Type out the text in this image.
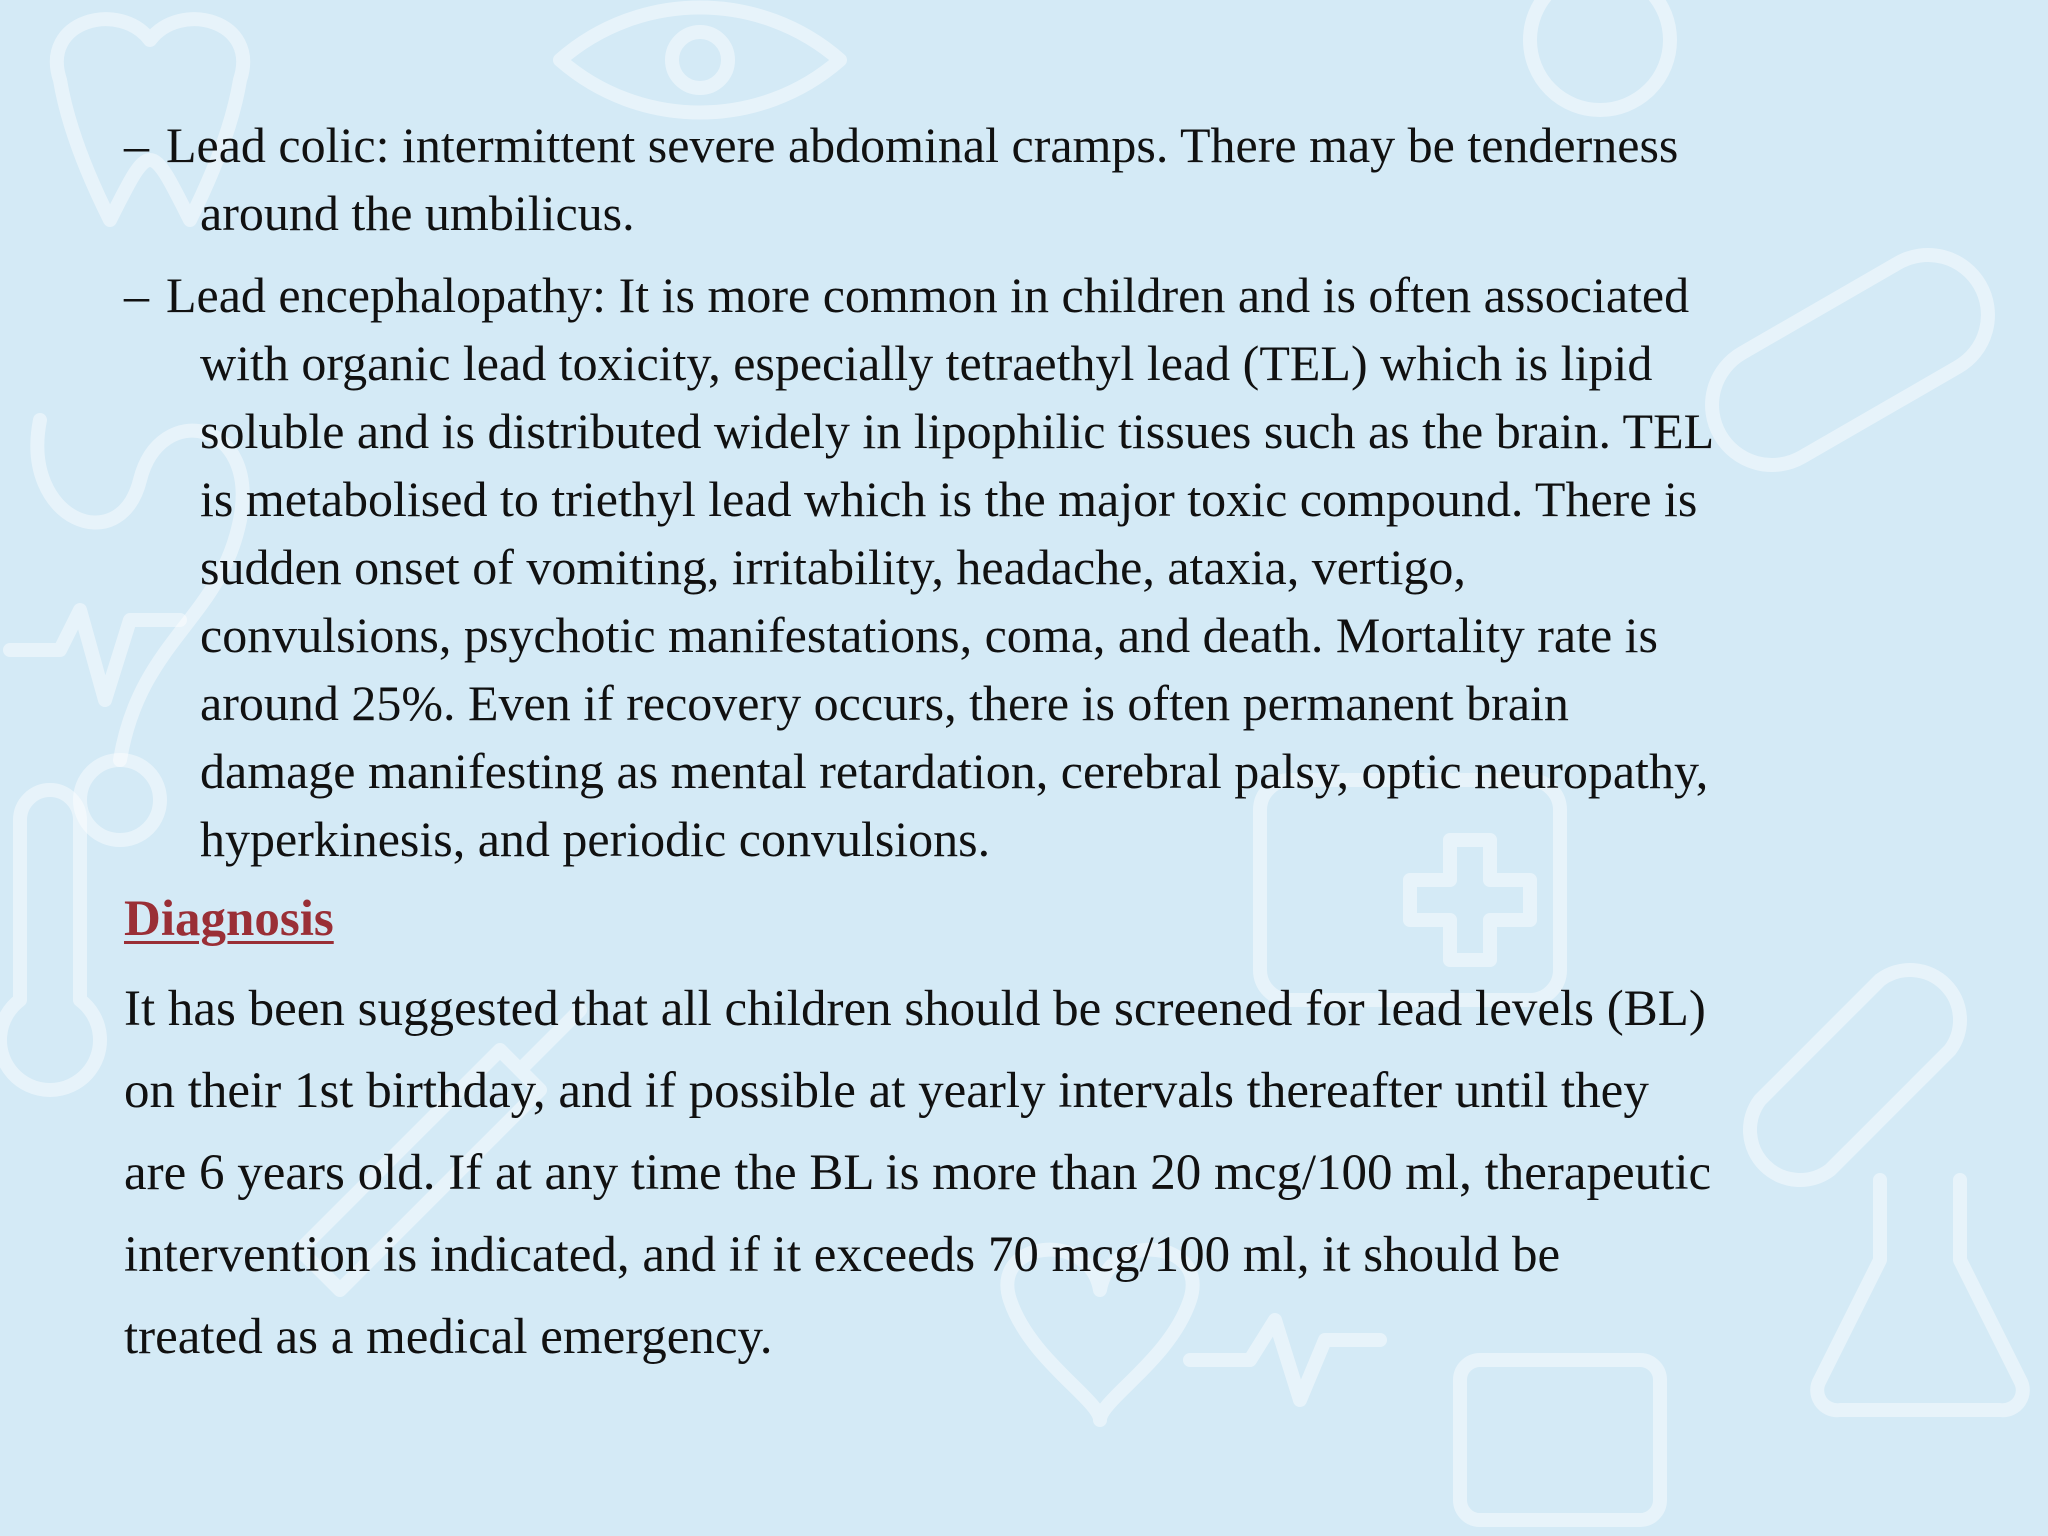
– Lead colic: intermittent severe abdominal cramps. There may be tenderness
around the umbilicus.
– Lead encephalopathy: It is more common in children and is often associated
with organic lead toxicity, especially tetraethyl lead (TEL) which is lipid
soluble and is distributed widely in lipophilic tissues such as the brain. TEL
is metabolised to triethyl lead which is the major toxic compound. There is
sudden onset of vomiting, irritability, headache, ataxia, vertigo,
convulsions, psychotic manifestations, coma, and death. Mortality rate is
around 25%. Even if recovery occurs, there is often permanent brain
damage manifesting as mental retardation, cerebral palsy, optic neuropathy,
hyperkinesis, and periodic convulsions.
Diagnosis
It has been suggested that all children should be screened for lead levels (BL)
on their 1st birthday, and if possible at yearly intervals thereafter until they
are 6 years old. If at any time the BL is more than 20 mcg/100 ml, therapeutic
intervention is indicated, and if it exceeds 70 mcg/100 ml, it should be
treated as a medical emergency.
